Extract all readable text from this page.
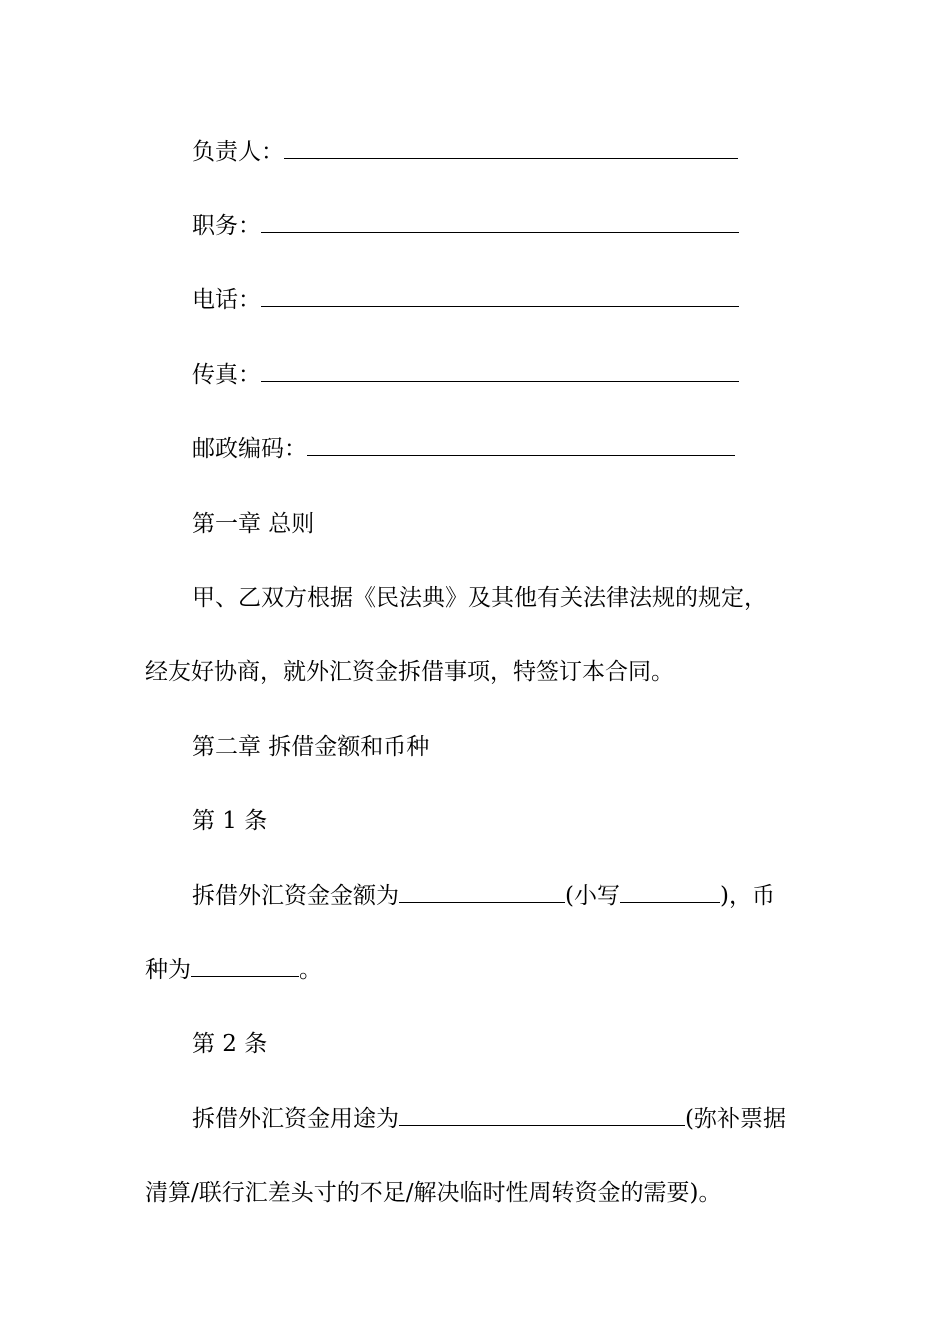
负责人：
职务：
电话：
传真：
邮政编码：
第一章 总则
甲、乙双方根据《民法典》及其他有关法律法规的规定，
经友好协商，就外汇资金拆借事项，特签订本合同。
第二章 拆借金额和币种
第 1 条
拆借外汇资金金额为	(小写	)，币
种为	。
第 2 条
拆借外汇资金用途为	(弥补票据
清算/联行汇差头寸的不足/解决临时性周转资金的需要)。
